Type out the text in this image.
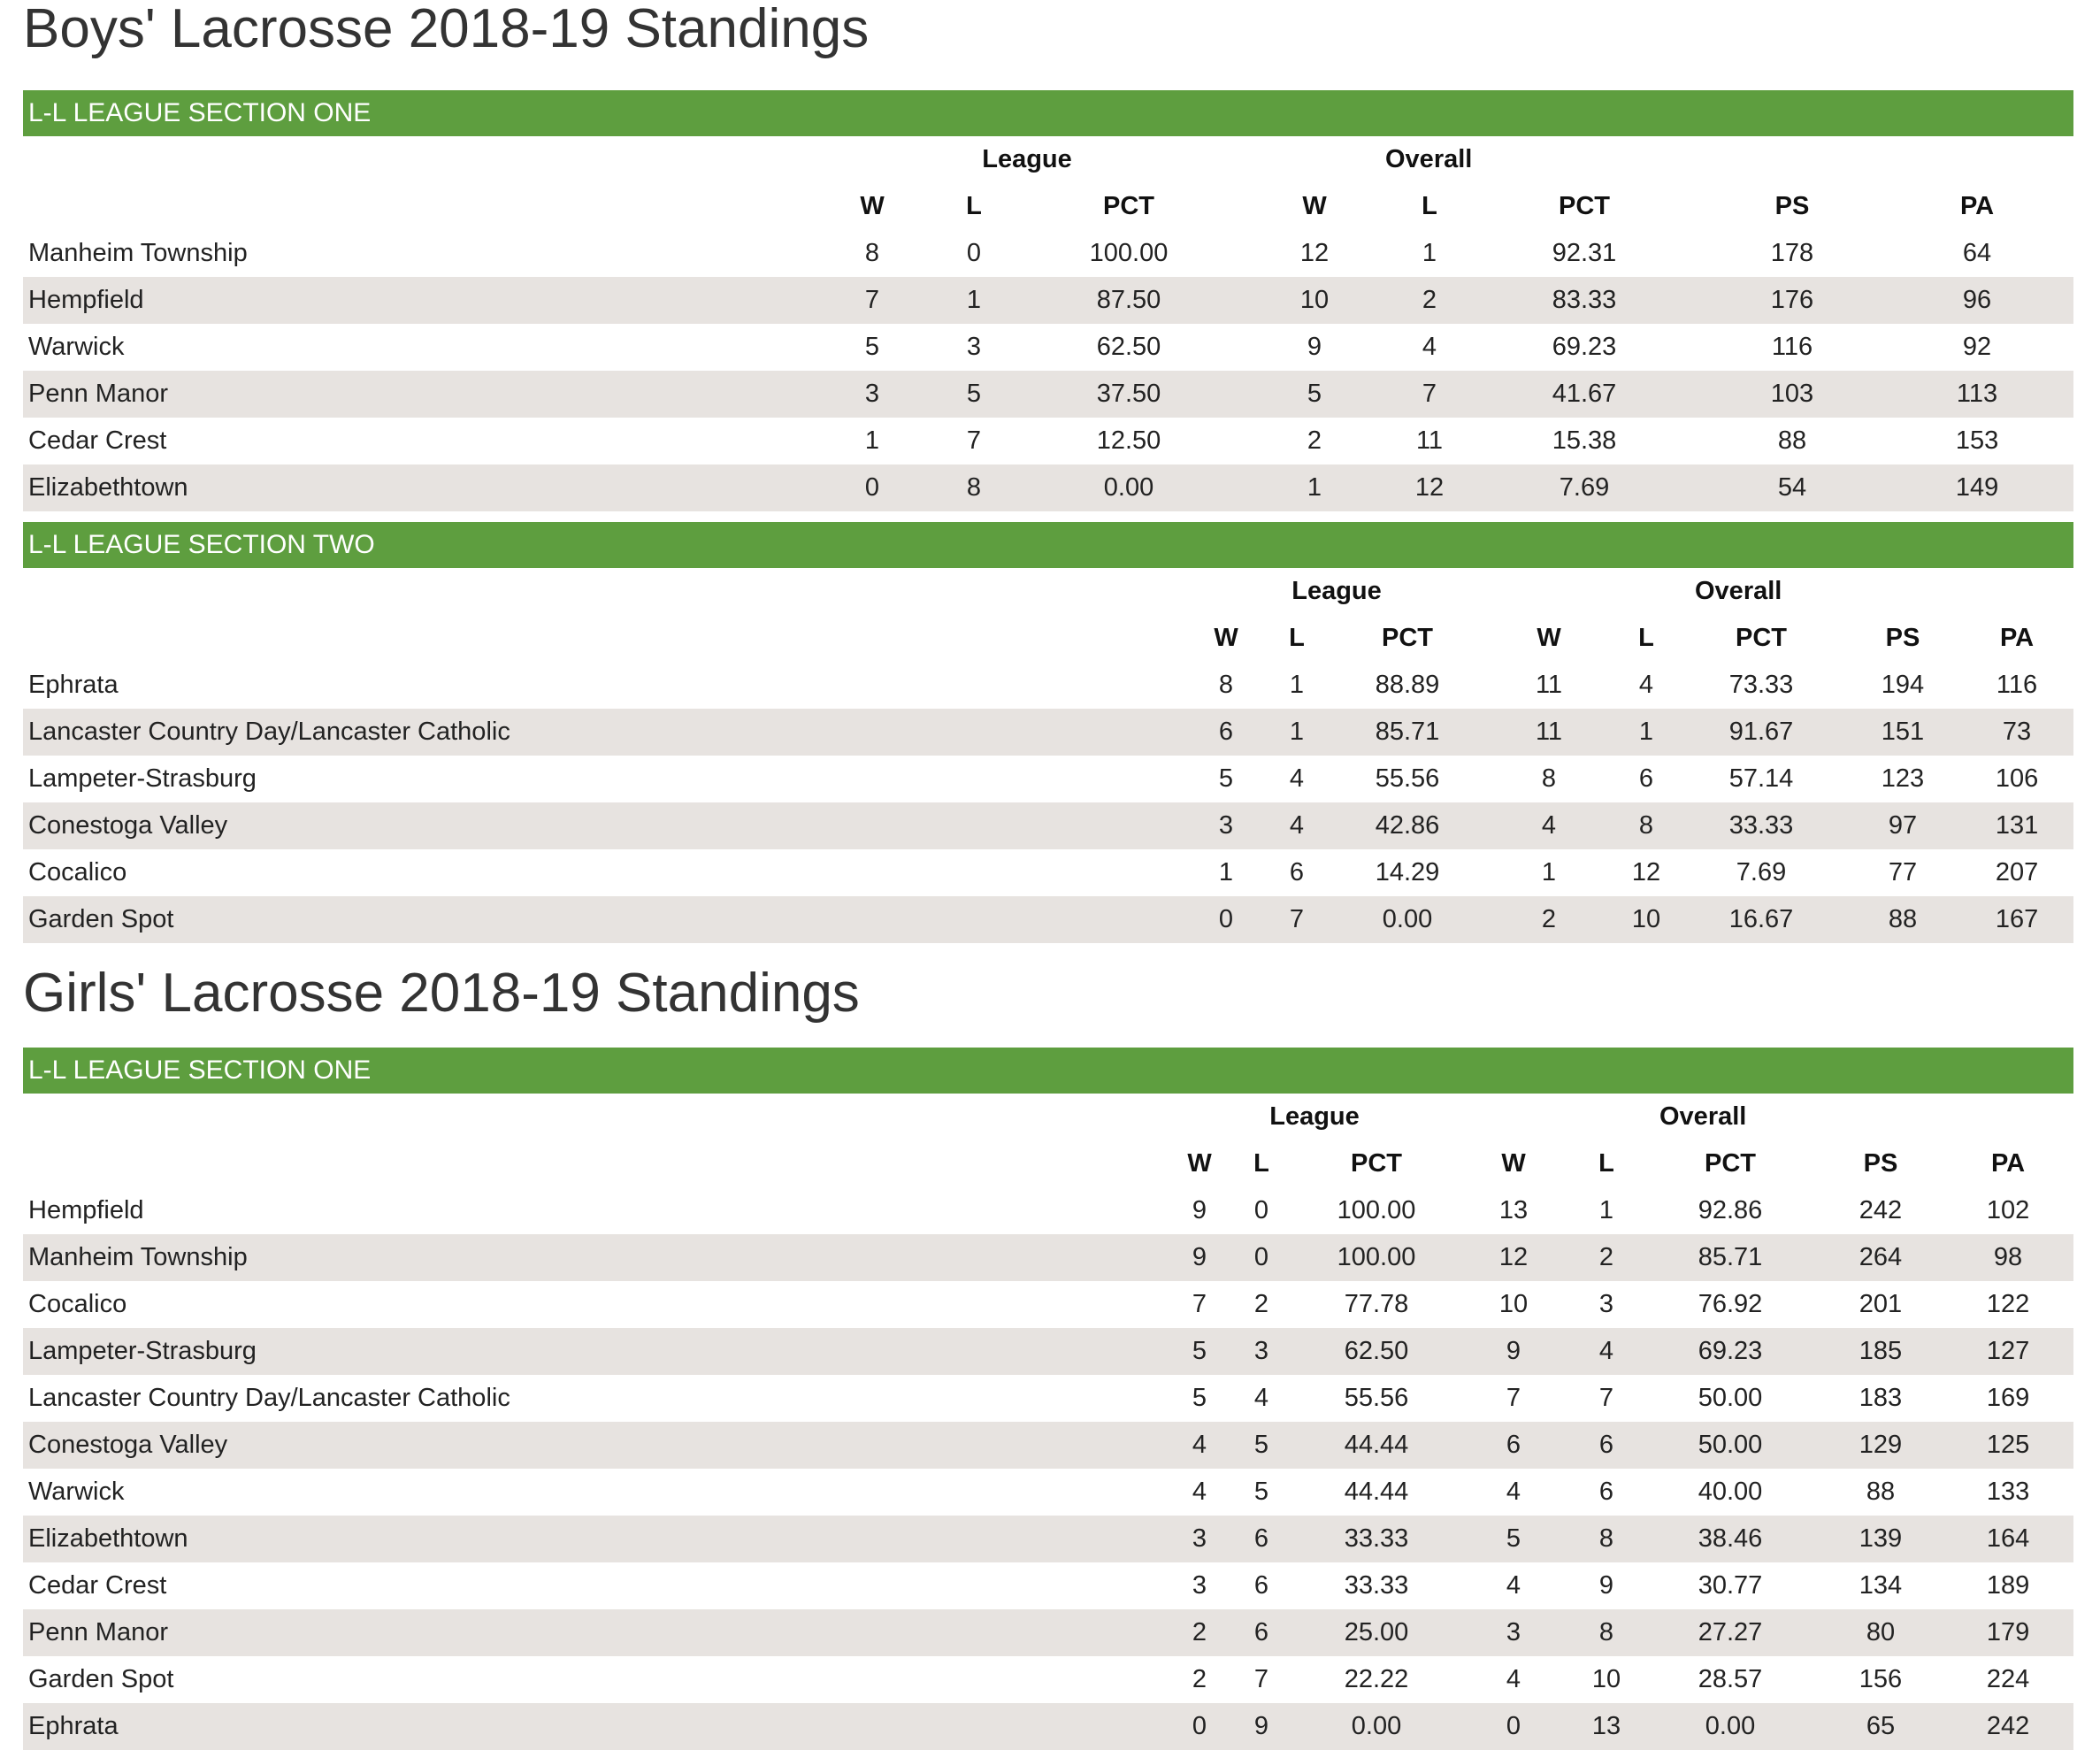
Boys' Lacrosse 2018-19 Standings
L-L LEAGUE SECTION ONE
	League			Overall				
	W	L	PCT	W	L	PCT	PS	PA
Manheim Township	8	0	100.00	12	1	92.31	178	64
Hempfield	7	1	87.50	10	2	83.33	176	96
Warwick	5	3	62.50	9	4	69.23	116	92
Penn Manor	3	5	37.50	5	7	41.67	103	113
Cedar Crest	1	7	12.50	2	11	15.38	88	153
Elizabethtown	0	8	0.00	1	12	7.69	54	149
L-L LEAGUE SECTION TWO
	League			Overall				
	W	L	PCT	W	L	PCT	PS	PA
Ephrata	8	1	88.89	11	4	73.33	194	116
Lancaster Country Day/Lancaster Catholic	6	1	85.71	11	1	91.67	151	73
Lampeter-Strasburg	5	4	55.56	8	6	57.14	123	106
Conestoga Valley	3	4	42.86	4	8	33.33	97	131
Cocalico	1	6	14.29	1	12	7.69	77	207
Garden Spot	0	7	0.00	2	10	16.67	88	167
Girls' Lacrosse 2018-19 Standings
L-L LEAGUE SECTION ONE
	League			Overall				
	W	L	PCT	W	L	PCT	PS	PA
Hempfield	9	0	100.00	13	1	92.86	242	102
Manheim Township	9	0	100.00	12	2	85.71	264	98
Cocalico	7	2	77.78	10	3	76.92	201	122
Lampeter-Strasburg	5	3	62.50	9	4	69.23	185	127
Lancaster Country Day/Lancaster Catholic	5	4	55.56	7	7	50.00	183	169
Conestoga Valley	4	5	44.44	6	6	50.00	129	125
Warwick	4	5	44.44	4	6	40.00	88	133
Elizabethtown	3	6	33.33	5	8	38.46	139	164
Cedar Crest	3	6	33.33	4	9	30.77	134	189
Penn Manor	2	6	25.00	3	8	27.27	80	179
Garden Spot	2	7	22.22	4	10	28.57	156	224
Ephrata	0	9	0.00	0	13	0.00	65	242
